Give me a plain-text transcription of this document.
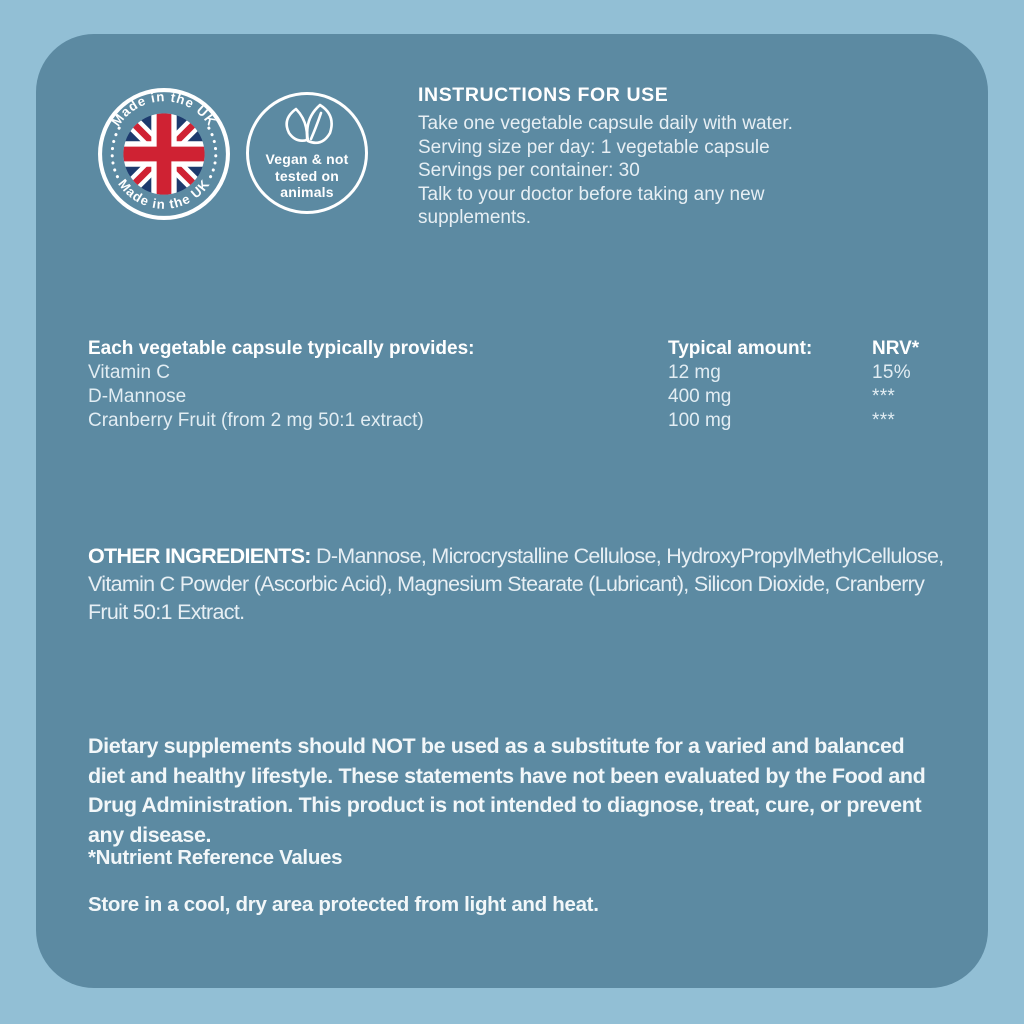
Made in the UK
Made in the UK
Vegan & not
tested on
animals
INSTRUCTIONS FOR USE
Take one vegetable capsule daily with water.
Serving size per day: 1 vegetable capsule
Servings per container: 30
Talk to your doctor before taking any new supplements.
Each vegetable capsule typically provides:	Typical amount:	NRV*
Vitamin C	12 mg	15%
D-Mannose	400 mg	***
Cranberry Fruit (from 2 mg 50:1 extract)	100 mg	***
OTHER INGREDIENTS: D-Mannose, Microcrystalline Cellulose, HydroxyPropylMethylCellulose, Vitamin C Powder (Ascorbic Acid), Magnesium Stearate (Lubricant), Silicon Dioxide, Cranberry Fruit 50:1 Extract.
Dietary supplements should NOT be used as a substitute for a varied and balanced diet and healthy lifestyle. These statements have not been evaluated by the Food and Drug Administration. This product is not intended to diagnose, treat, cure, or prevent any disease.
*Nutrient Reference Values
Store in a cool, dry area protected from light and heat.
